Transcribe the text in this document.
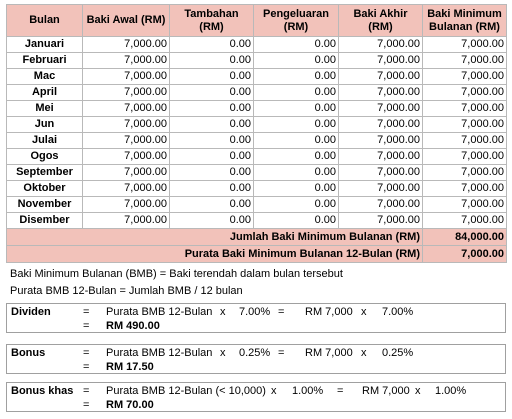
Bulan	Baki Awal (RM)	Tambahan (RM)	Pengeluaran (RM)	Baki Akhir (RM)	Baki Minimum Bulanan (RM)
Januari	7,000.00	0.00	0.00	7,000.00	7,000.00
Februari	7,000.00	0.00	0.00	7,000.00	7,000.00
Mac	7,000.00	0.00	0.00	7,000.00	7,000.00
April	7,000.00	0.00	0.00	7,000.00	7,000.00
Mei	7,000.00	0.00	0.00	7,000.00	7,000.00
Jun	7,000.00	0.00	0.00	7,000.00	7,000.00
Julai	7,000.00	0.00	0.00	7,000.00	7,000.00
Ogos	7,000.00	0.00	0.00	7,000.00	7,000.00
September	7,000.00	0.00	0.00	7,000.00	7,000.00
Oktober	7,000.00	0.00	0.00	7,000.00	7,000.00
November	7,000.00	0.00	0.00	7,000.00	7,000.00
Disember	7,000.00	0.00	0.00	7,000.00	7,000.00
Jumlah Baki Minimum Bulanan (RM)					84,000.00
Purata Baki Minimum Bulanan 12-Bulan (RM)					7,000.00
Baki Minimum Bulanan (BMB) = Baki terendah dalam bulan tersebut
Purata BMB 12-Bulan = Jumlah BMB / 12 bulan
Dividen	= Purata BMB 12-Bulan x 7.00% = RM 7,000 x 7.00%
= RM 490.00
Bonus	= Purata BMB 12-Bulan x 0.25% = RM 7,000 x 0.25%
= RM 17.50
Bonus khas = Purata BMB 12-Bulan (< 10,000) x 1.00% = RM 7,000 x 1.00%
= RM 70.00
